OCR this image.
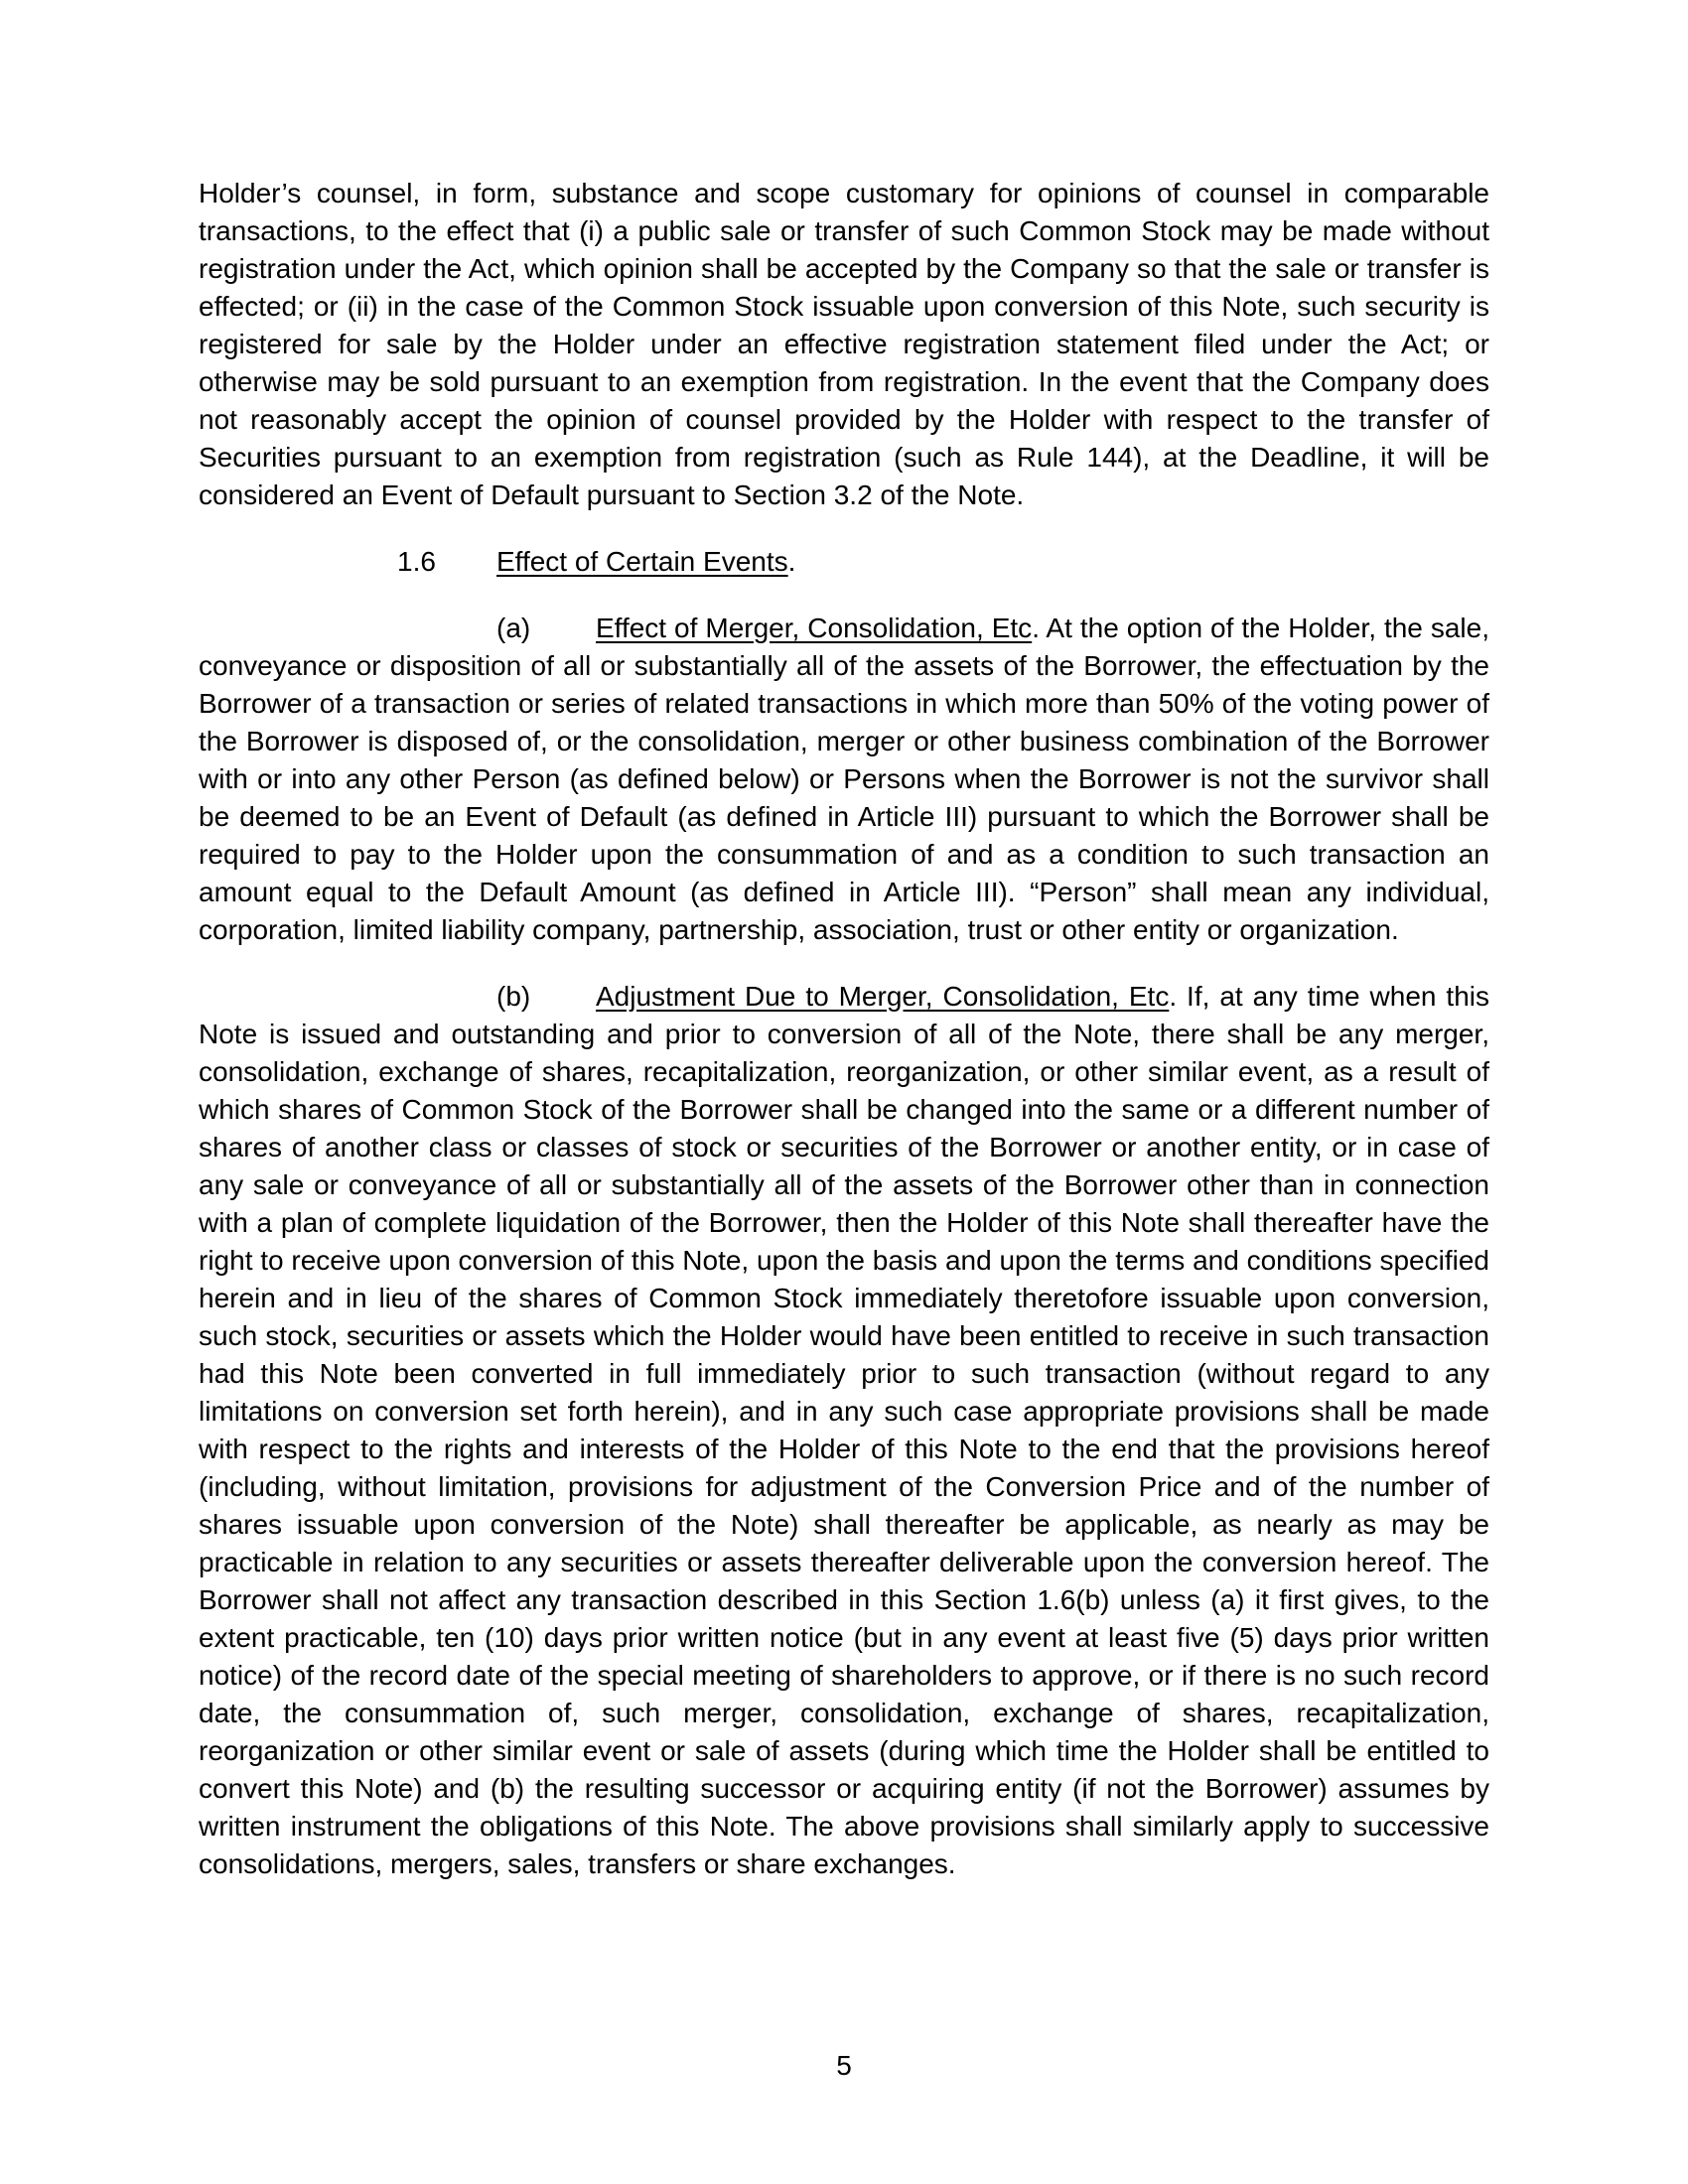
Holder’s counsel, in form, substance and scope customary for opinions of counsel in comparable transactions, to the effect that (i) a public sale or transfer of such Common Stock may be made without registration under the Act, which opinion shall be accepted by the Company so that the sale or transfer is effected; or (ii) in the case of the Common Stock issuable upon conversion of this Note, such security is registered for sale by the Holder under an effective registration statement filed under the Act; or otherwise may be sold pursuant to an exemption from registration. In the event that the Company does not reasonably accept the opinion of counsel provided by the Holder with respect to the transfer of Securities pursuant to an exemption from registration (such as Rule 144), at the Deadline, it will be considered an Event of Default pursuant to Section 3.2 of the Note.

1.6 Effect of Certain Events.

(a) Effect of Merger, Consolidation, Etc. At the option of the Holder, the sale, conveyance or disposition of all or substantially all of the assets of the Borrower, the effectuation by the Borrower of a transaction or series of related transactions in which more than 50% of the voting power of the Borrower is disposed of, or the consolidation, merger or other business combination of the Borrower with or into any other Person (as defined below) or Persons when the Borrower is not the survivor shall be deemed to be an Event of Default (as defined in Article III) pursuant to which the Borrower shall be required to pay to the Holder upon the consummation of and as a condition to such transaction an amount equal to the Default Amount (as defined in Article III). “Person” shall mean any individual, corporation, limited liability company, partnership, association, trust or other entity or organization.

(b) Adjustment Due to Merger, Consolidation, Etc. If, at any time when this Note is issued and outstanding and prior to conversion of all of the Note, there shall be any merger, consolidation, exchange of shares, recapitalization, reorganization, or other similar event, as a result of which shares of Common Stock of the Borrower shall be changed into the same or a different number of shares of another class or classes of stock or securities of the Borrower or another entity, or in case of any sale or conveyance of all or substantially all of the assets of the Borrower other than in connection with a plan of complete liquidation of the Borrower, then the Holder of this Note shall thereafter have the right to receive upon conversion of this Note, upon the basis and upon the terms and conditions specified herein and in lieu of the shares of Common Stock immediately theretofore issuable upon conversion, such stock, securities or assets which the Holder would have been entitled to receive in such transaction had this Note been converted in full immediately prior to such transaction (without regard to any limitations on conversion set forth herein), and in any such case appropriate provisions shall be made with respect to the rights and interests of the Holder of this Note to the end that the provisions hereof (including, without limitation, provisions for adjustment of the Conversion Price and of the number of shares issuable upon conversion of the Note) shall thereafter be applicable, as nearly as may be practicable in relation to any securities or assets thereafter deliverable upon the conversion hereof. The Borrower shall not affect any transaction described in this Section 1.6(b) unless (a) it first gives, to the extent practicable, ten (10) days prior written notice (but in any event at least five (5) days prior written notice) of the record date of the special meeting of shareholders to approve, or if there is no such record date, the consummation of, such merger, consolidation, exchange of shares, recapitalization, reorganization or other similar event or sale of assets (during which time the Holder shall be entitled to convert this Note) and (b) the resulting successor or acquiring entity (if not the Borrower) assumes by written instrument the obligations of this Note. The above provisions shall similarly apply to successive consolidations, mergers, sales, transfers or share exchanges.

5
